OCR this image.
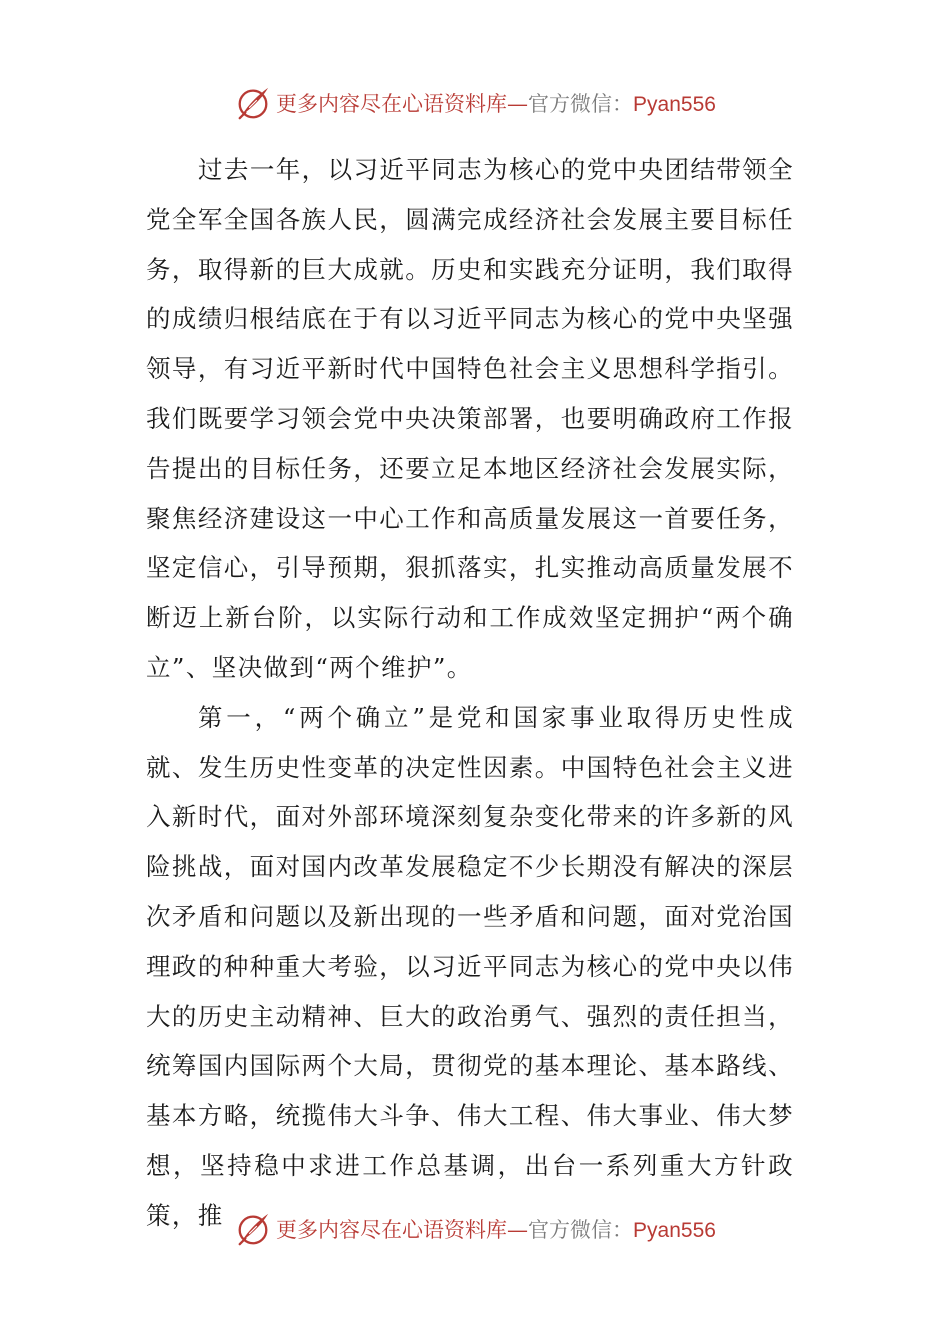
更多内容尽在心语资料库—官方微信：Pyan556

过去一年，以习近平同志为核心的党中央团结带领全党全军全国各族人民，圆满完成经济社会发展主要目标任务，取得新的巨大成就。历史和实践充分证明，我们取得的成绩归根结底在于有以习近平同志为核心的党中央坚强领导，有习近平新时代中国特色社会主义思想科学指引。我们既要学习领会党中央决策部署，也要明确政府工作报告提出的目标任务，还要立足本地区经济社会发展实际，聚焦经济建设这一中心工作和高质量发展这一首要任务，坚定信心，引导预期，狠抓落实，扎实推动高质量发展不断迈上新台阶，以实际行动和工作成效坚定拥护“两个确立”、坚决做到“两个维护”。

第一，“两个确立”是党和国家事业取得历史性成就、发生历史性变革的决定性因素。中国特色社会主义进入新时代，面对外部环境深刻复杂变化带来的许多新的风险挑战，面对国内改革发展稳定不少长期没有解决的深层次矛盾和问题以及新出现的一些矛盾和问题，面对党治国理政的种种重大考验，以习近平同志为核心的党中央以伟大的历史主动精神、巨大的政治勇气、强烈的责任担当，统筹国内国际两个大局，贯彻党的基本理论、基本路线、基本方略，统揽伟大斗争、伟大工程、伟大事业、伟大梦想，坚持稳中求进工作总基调，出台一系列重大方针政策，推

更多内容尽在心语资料库—官方微信：Pyan556
